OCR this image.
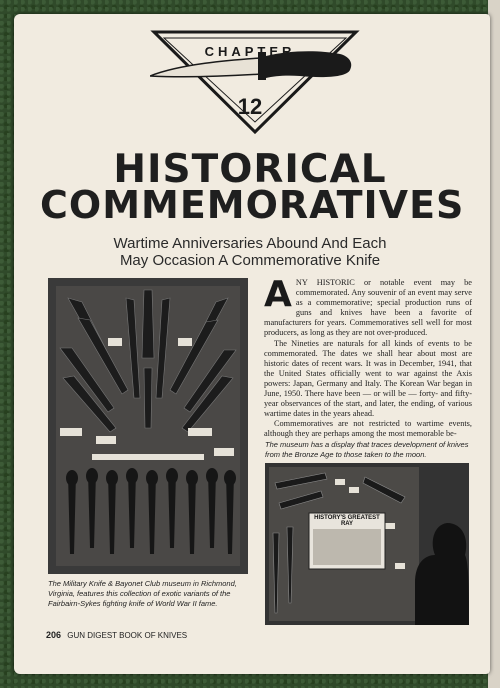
CHAPTER
12
HISTORICAL
COMMEMORATIVES
Wartime Anniversaries Abound And Each
May Occasion A Commemorative Knife
The Military Knife & Bayonet Club museum in Richmond, Virginia, features this collection of exotic variants of the Fairbairn-Sykes fighting knife of World War II fame.

ANY HISTORIC or notable event may be commemorated. Any souvenir of an event may serve as a commemorative; special production runs of guns and knives have been a favorite of manufacturers for years. Commemoratives sell well for most producers, as long as they are not over-produced.

The Nineties are naturals for all kinds of events to be commemorated. The dates we shall hear about most are historic dates of recent wars. It was in December, 1941, that the United States officially went to war against the Axis powers: Japan, Germany and Italy. The Korean War began in June, 1950. There have been — or will be — forty- and fifty-year observances of the start, and later, the ending, of various wartime dates in the years ahead.

Commemoratives are not restricted to wartime events, although they are perhaps among the most memorable be-

The museum has a display that traces development of knives from the Bronze Age to those taken to the moon.
HISTORY'S GREATEST RAY
206 GUN DIGEST BOOK OF KNIVES
